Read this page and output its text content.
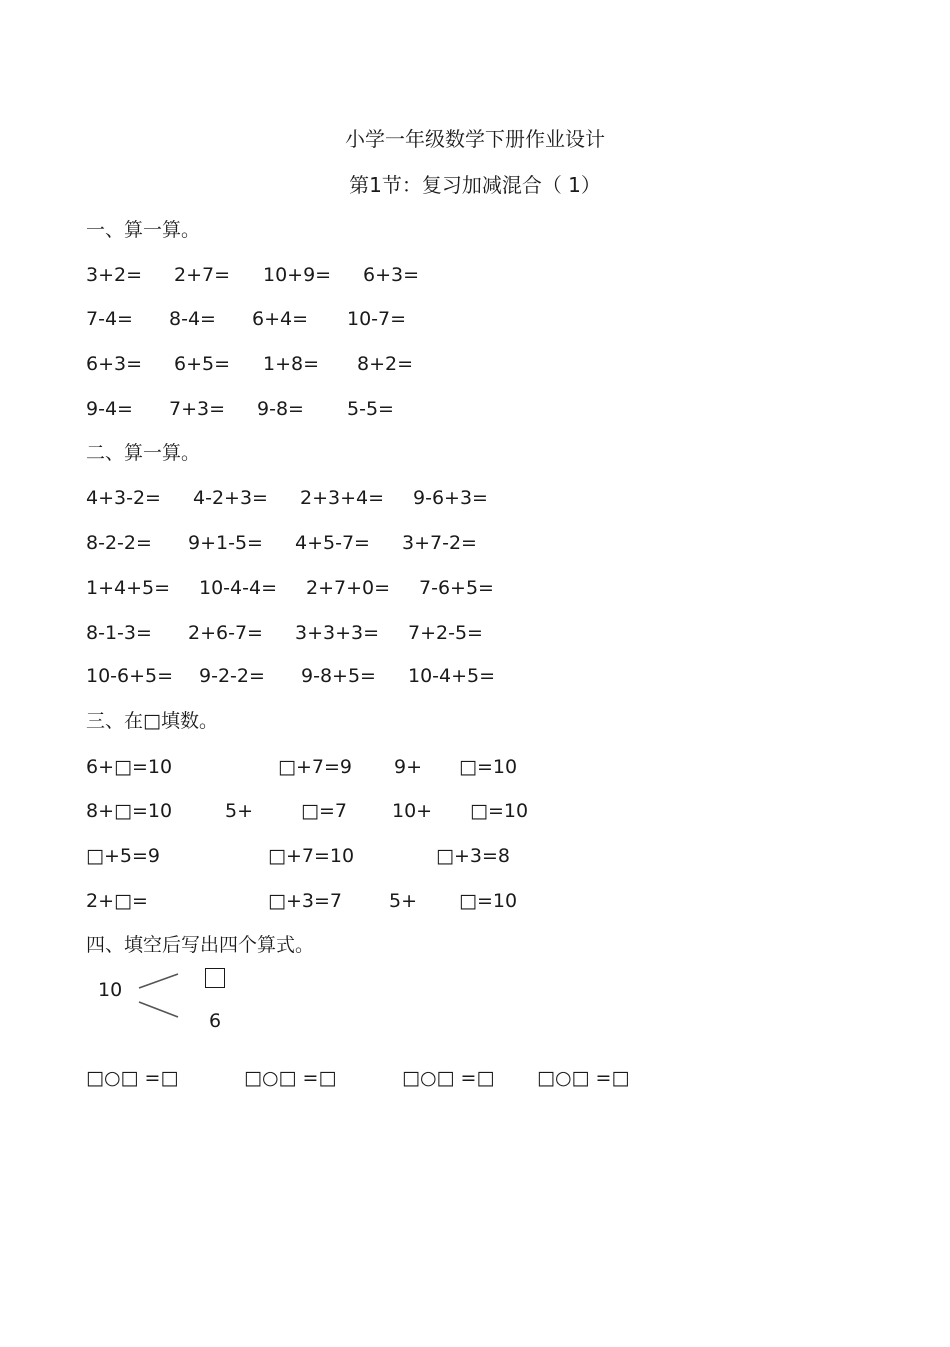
小学一年级数学下册作业设计
第1节：复习加减混合（ 1）
一、算一算。
3+2= 2+7= 10+9= 6+3=
7-4= 8-4= 6+4= 10-7=
6+3= 6+5= 1+8= 8+2=
9-4= 7+3= 9-8= 5-5=
二、算一算。
4+3-2= 4-2+3= 2+3+4= 9-6+3=
8-2-2= 9+1-5= 4+5-7= 3+7-2=
1+4+5= 10-4-4= 2+7+0= 7-6+5=
8-1-3= 2+6-7= 3+3+3= 7+2-5=
10-6+5= 9-2-2= 9-8+5= 10-4+5=
三、在□填数。
6+□=10	□+7=9 9+ □=10
8+□=10	5+	□=7 10+ □=10
□+5=9	□+7=10	□+3=8
2+□=	□+3=7 5+ □=10
四、填空后写出四个算式。
10
6
□○□ =□	□○□ =□	□○□ =□ □○□ =□
